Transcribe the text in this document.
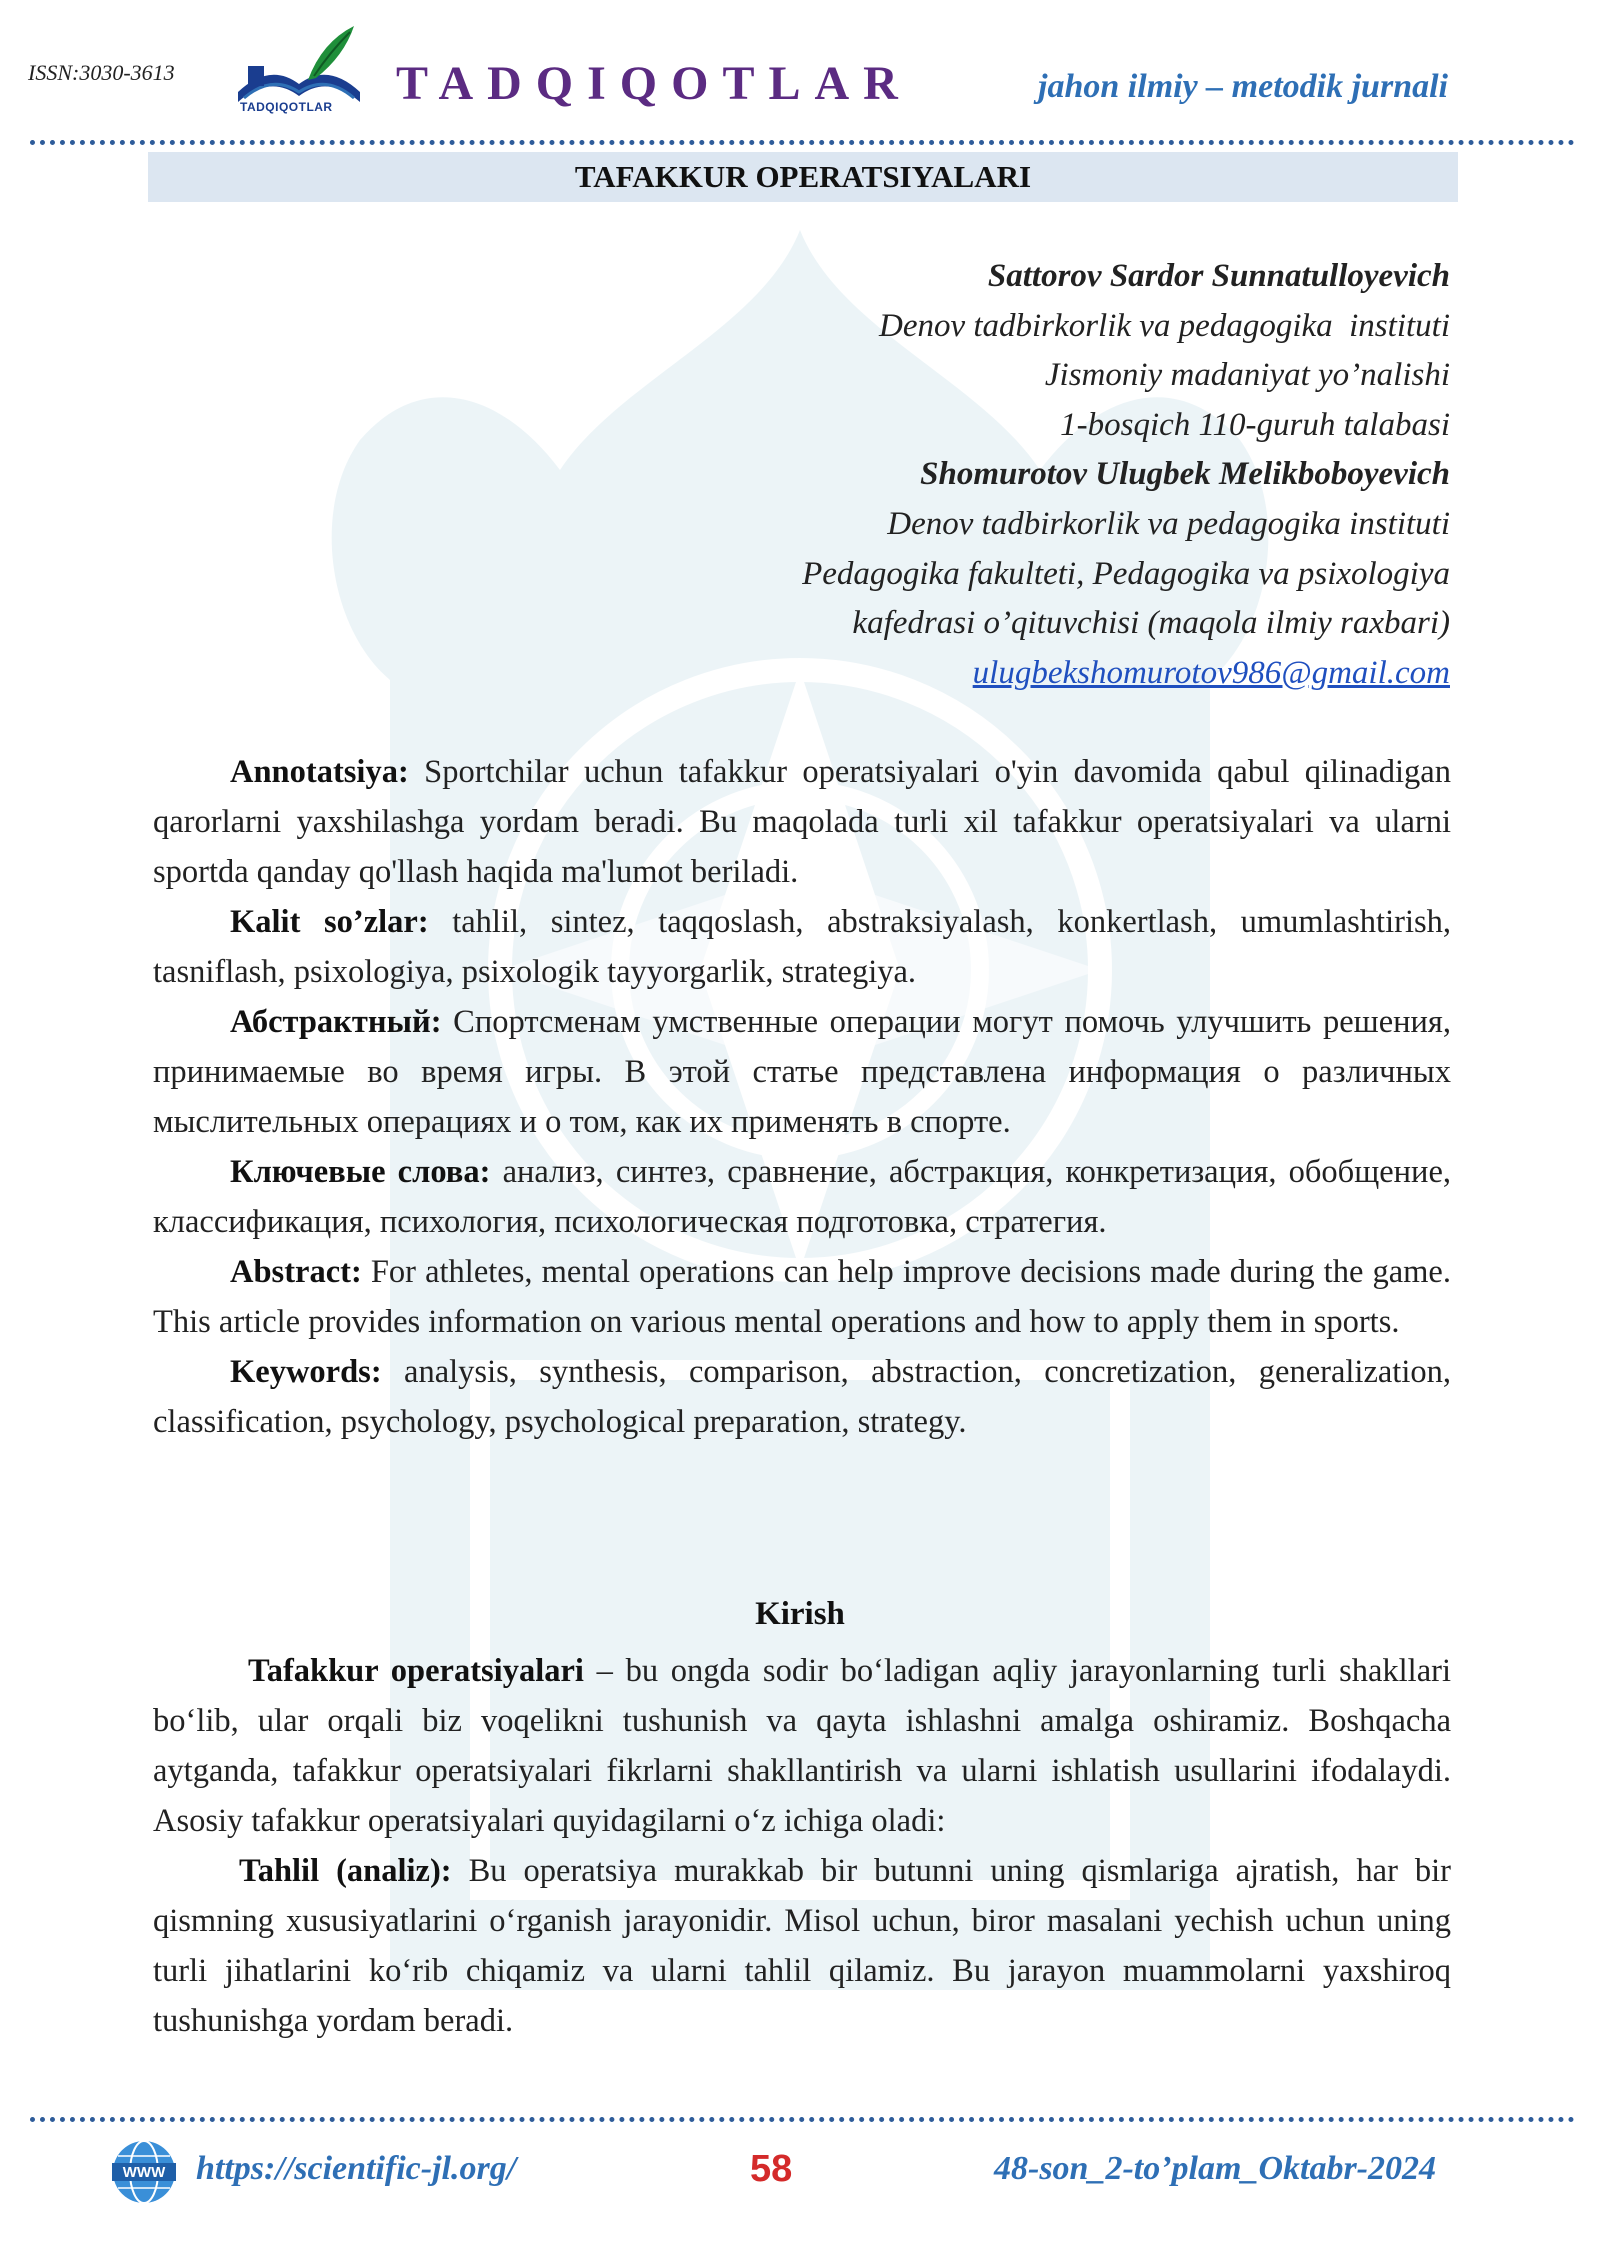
ISSN:3030-3613
TADQIQOTLAR TADQIQOTLAR	jahon ilmiy – metodik jurnali
TAFAKKUR OPERATSIYALARI
Sattorov Sardor Sunnatulloyevich
Denov tadbirkorlik va pedagogika  instituti
Jismoniy madaniyat yo’nalishi
1-bosqich 110-guruh talabasi
Shomurotov Ulugbek Melikboboyevich
Denov tadbirkorlik va pedagogika instituti
Pedagogika fakulteti, Pedagogika va psixologiya
kafedrasi o’qituvchisi (maqola ilmiy raxbari)
ulugbekshomurotov986@gmail.com

Annotatsiya: Sportchilar uchun tafakkur operatsiyalari o'yin davomida qabul qilinadigan qarorlarni yaxshilashga yordam beradi. Bu maqolada turli xil tafakkur operatsiyalari va ularni sportda qanday qo'llash haqida ma'lumot beriladi.

Kalit so’zlar: tahlil, sintez, taqqoslash, abstraksiyalash, konkertlash, umumlashtirish, tasniflash, psixologiya, psixologik tayyorgarlik, strategiya.

Абстрактный: Спортсменам умственные операции могут помочь улучшить решения, принимаемые во время игры. В этой статье представлена информация о различных мыслительных операциях и о том, как их применять в спорте.

Ключевые слова: анализ, синтез, сравнение, абстракция, конкретизация, обобщение, классификация, психология, психологическая подготовка, стратегия.

Abstract: For athletes, mental operations can help improve decisions made during the game. This article provides information on various mental operations and how to apply them in sports.

Keywords: analysis, synthesis, comparison, abstraction, concretization, generalization, classification, psychology, psychological preparation, strategy.

Kirish

Tafakkur operatsiyalari – bu ongda sodir bo‘ladigan aqliy jarayonlarning turli shakllari bo‘lib, ular orqali biz voqelikni tushunish va qayta ishlashni amalga oshiramiz. Boshqacha aytganda, tafakkur operatsiyalari fikrlarni shakllantirish va ularni ishlatish usullarini ifodalaydi. Asosiy tafakkur operatsiyalari quyidagilarni o‘z ichiga oladi:

Tahlil (analiz): Bu operatsiya murakkab bir butunni uning qismlariga ajratish, har bir qismning xususiyatlarini o‘rganish jarayonidir. Misol uchun, biror masalani yechish uchun uning turli jihatlarini ko‘rib chiqamiz va ularni tahlil qilamiz. Bu jarayon muammolarni yaxshiroq tushunishga yordam beradi.

WWW https://scientific-jl.org/	58	48-son_2-to’plam_Oktabr-2024
